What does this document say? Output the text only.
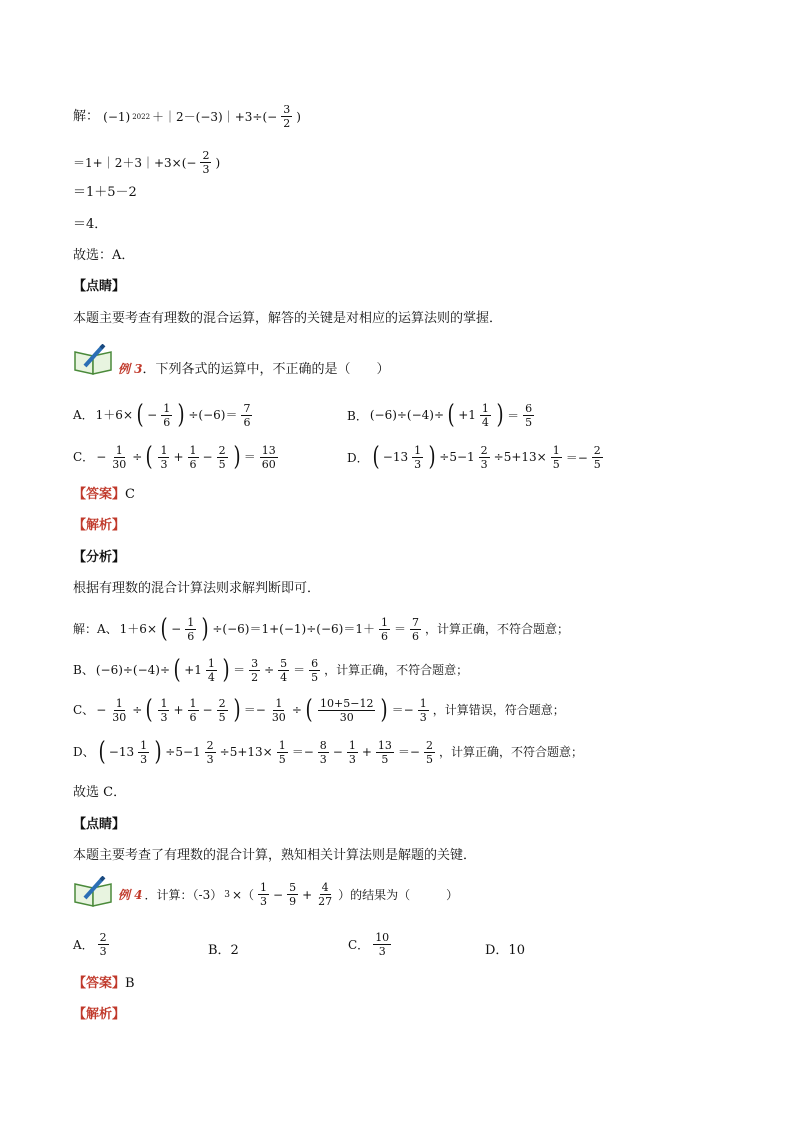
解： (−1) 2022 ＋｜2－(−3)｜+3÷(− $\frac{3}{2}$ )
＝1+｜2＋3｜+3×(− $\frac{2}{3}$ )
＝1＋5－2
＝4．
故选：A．
【点睛】
本题主要考查有理数的混合运算，解答的关键是对相应的运算法则的掌握．
例 3．下列各式的运算中，不正确的是（　　）
A． 1＋6× ( − $\frac{1}{6}$ ) $\div(-6)= \frac{7}{6}$	B． (−6)÷(−4)÷ ( $+1 \frac{1}{4}$ ) ＝ $\frac{6}{5}$
C． − $\frac{1}{30}$ ÷ ( $\frac{1}{3} + \frac{1}{6} - \frac{2}{5}$ ) ＝ $\frac{13}{60}$	D． ( $-13 \frac{1}{3}$ ) $\div 5-1 \frac{2}{3} \div 5+13\times \frac{1}{5} =- \frac{2}{5}$
【答案】C
【解析】
【分析】
根据有理数的混合计算法则求解判断即可．
解：A、 1＋6× ( − $\frac{1}{6}$ ) $\div(-6)=1+(-1)\div(-6)=1+ \frac{1}{6} = \frac{7}{6}$ ，计算正确，不符合题意；
B、 (−6)÷(−4)÷ ( $+1 \frac{1}{4}$ ) ＝ $\frac{3}{2} \div \frac{5}{4} = \frac{6}{5}$ ，计算正确，不符合题意；
C、 − $\frac{1}{30}$ ÷ ( $\frac{1}{3} + \frac{1}{6} - \frac{2}{5}$ ) ＝− $\frac{1}{30}$ ÷ ( $\frac{10+5-12}{30}$ ) ＝− $\frac{1}{3}$ ，计算错误，符合题意；
D、 ( $-13 \frac{1}{3}$ ) $\div 5-1 \frac{2}{3} \div 5+13\times \frac{1}{5} =- \frac{8}{3} - \frac{1}{3} + \frac{13}{5} =- \frac{2}{5}$ ，计算正确，不符合题意；
故选 C．
【点睛】
本题主要考查了有理数的混合计算，熟知相关计算法则是解题的关键．
例 4 ．计算：（-3） 3 ×（ $\frac{1}{3} - \frac{5}{9} + \frac{4}{27}$ ）的结果为（　　　）
A． $\frac{2}{3}$	B．2	C． $\frac{10}{3}$	D．10
【答案】B
【解析】
